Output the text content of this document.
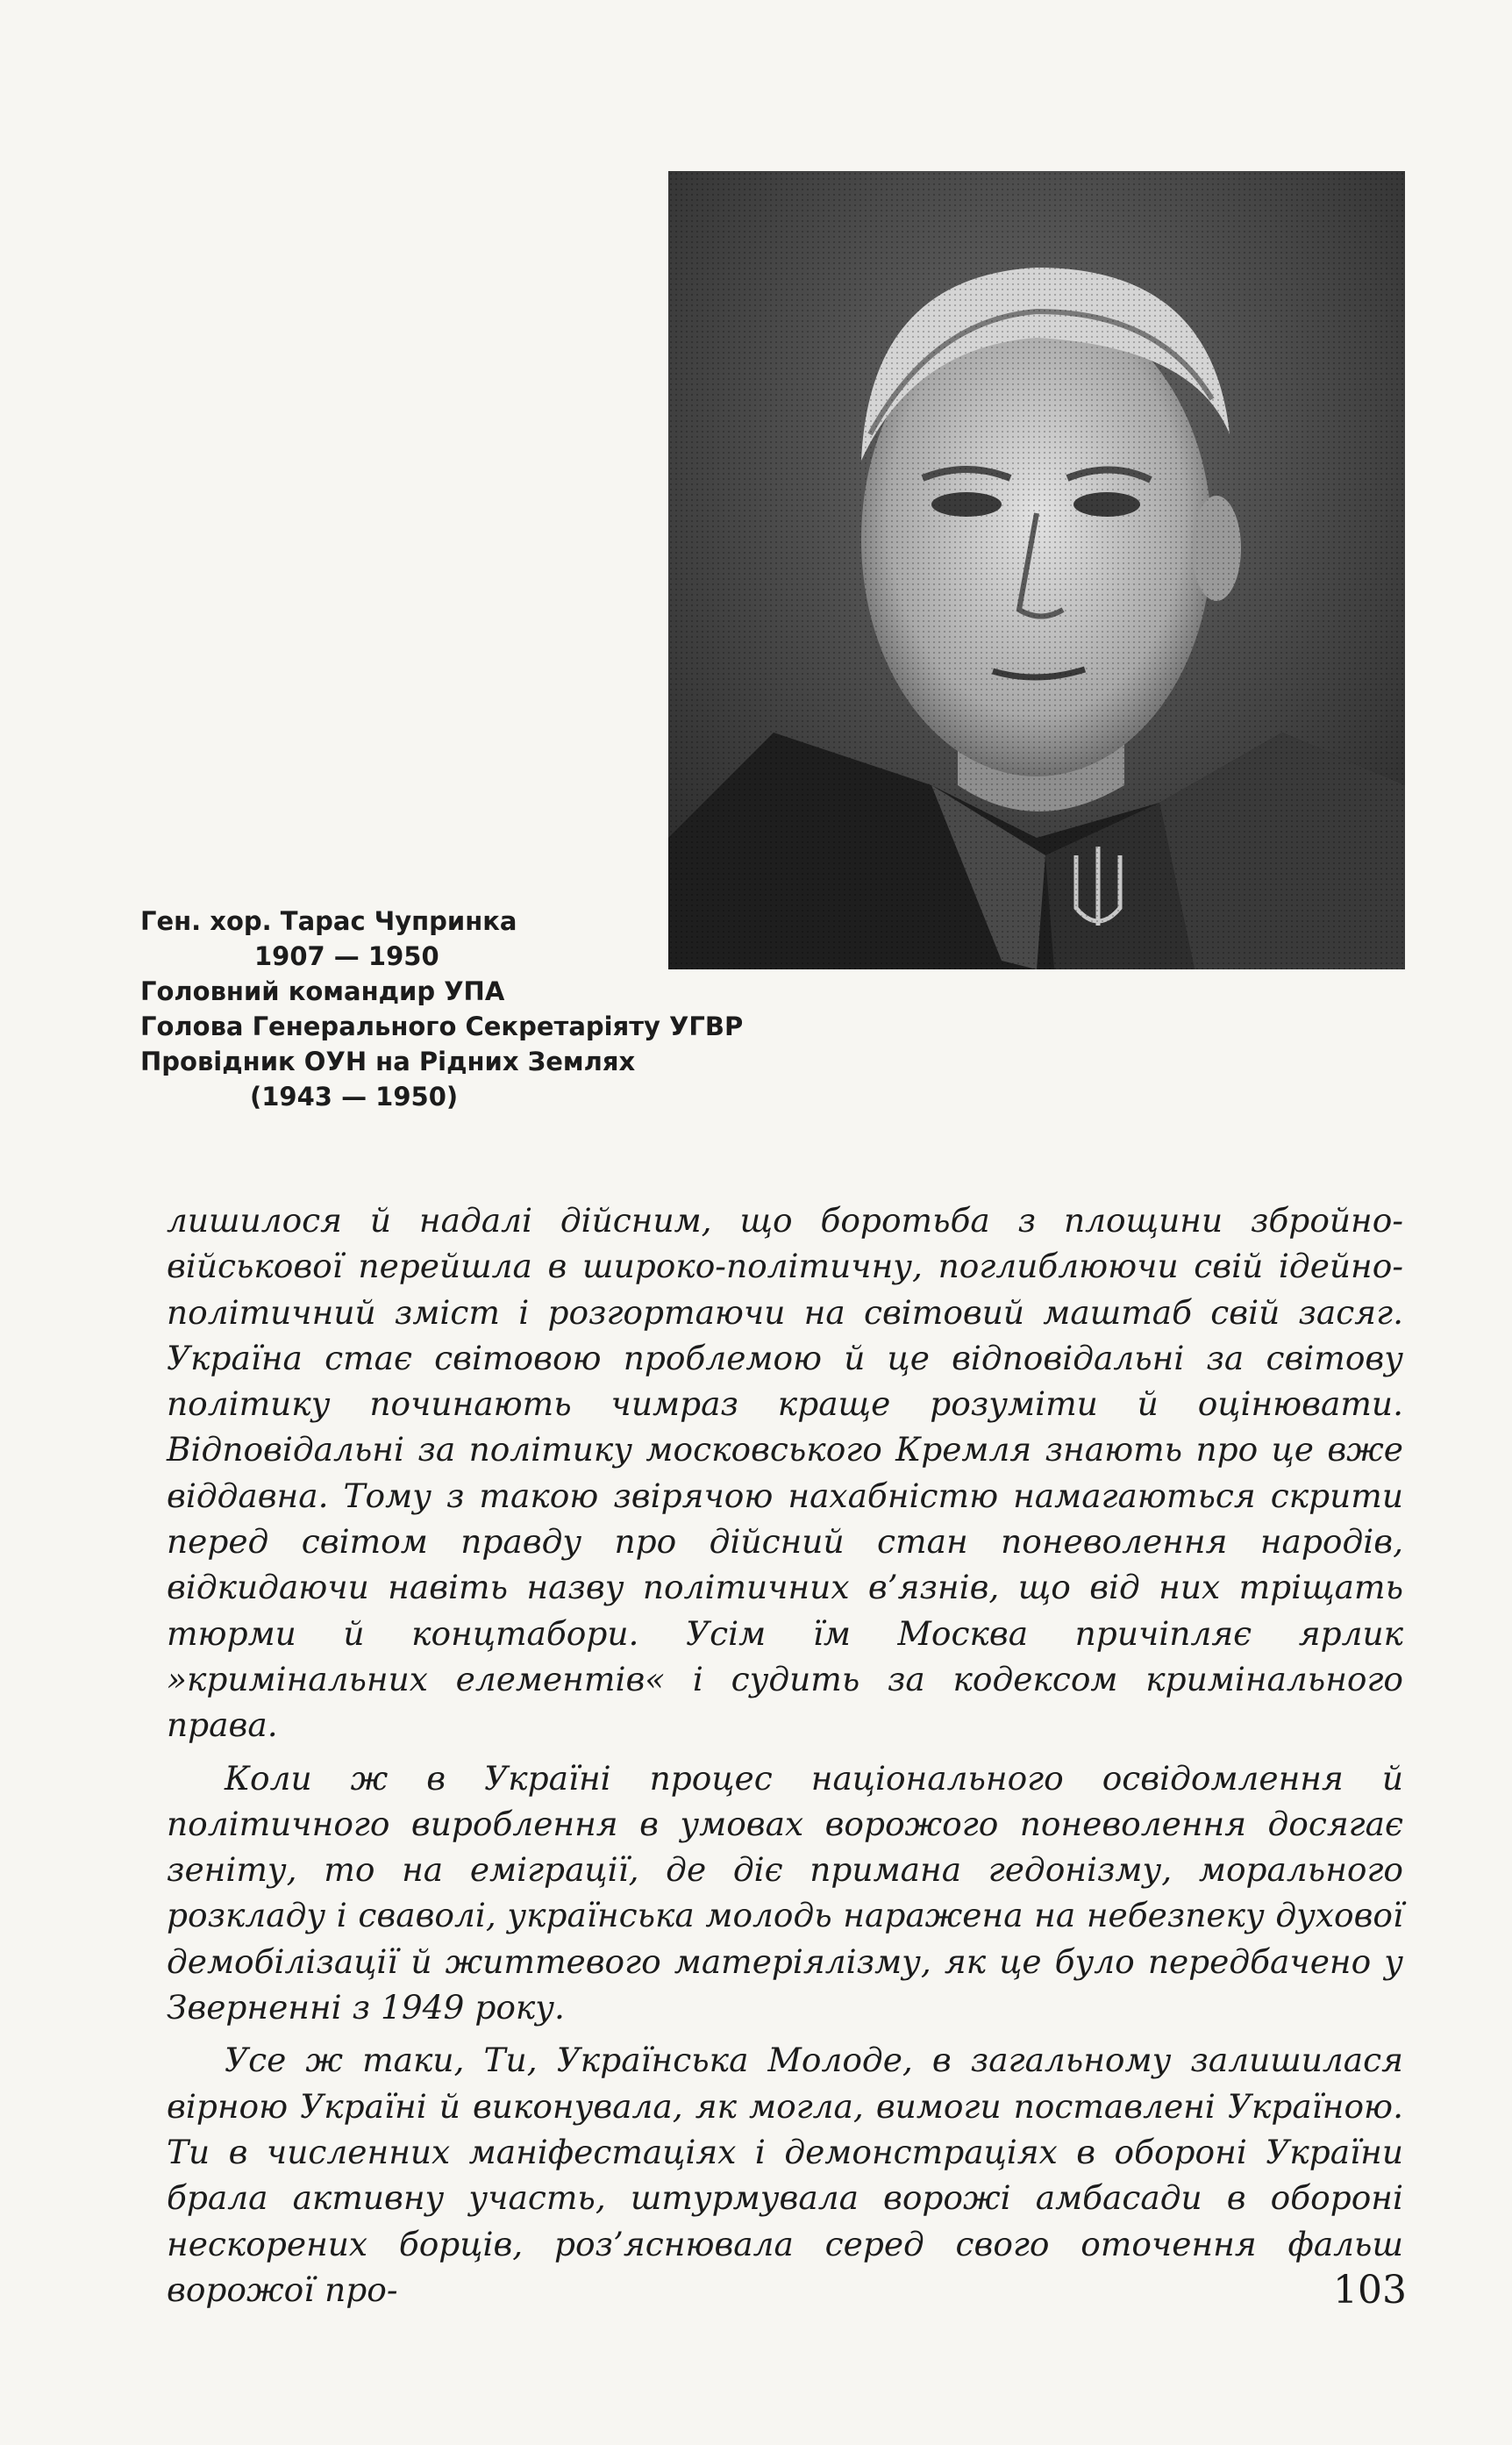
Ген. хор. Тарас Чупринка
1907 — 1950
Головний командир УПА
Голова Генерального Секретаріяту УГВР
Провідник ОУН на Рідних Землях
(1943 — 1950)

лишилося й надалі дійсним, що боротьба з площини збройно-військової перейшла в широко-політичну, поглиблюючи свій ідейно-політичний зміст і розгортаючи на світовий маштаб свій засяг. Україна стає світовою проблемою й це відповідальні за світову політику починають чимраз краще розуміти й оцінювати. Відповідальні за політику московського Кремля знають про це вже віддавна. Тому з такою звірячою нахабністю намагаються скрити перед світом правду про дійсний стан поневолення народів, відкидаючи навіть назву політичних в’язнів, що від них тріщать тюрми й концтабори. Усім їм Москва причіпляє ярлик »кримінальних елементів« і судить за кодексом кримінального права.

Коли ж в Україні процес національного освідомлення й політичного вироблення в умовах ворожого поневолення досягає зеніту, то на еміграції, де діє примана гедонізму, морального розкладу і сваволі, українська молодь наражена на небезпеку духової демобілізації й життевого матеріялізму, як це було передбачено у Зверненні з 1949 року.

Усе ж таки, Ти, Українська Молоде, в загальному залишилася вірною Україні й виконувала, як могла, вимоги поставлені Україною. Ти в численних маніфестаціях і демонстраціях в обороні України брала активну участь, штурмувала ворожі амбасади в обороні нескорених борців, роз’яснювала серед свого оточення фальш ворожої про-	103
